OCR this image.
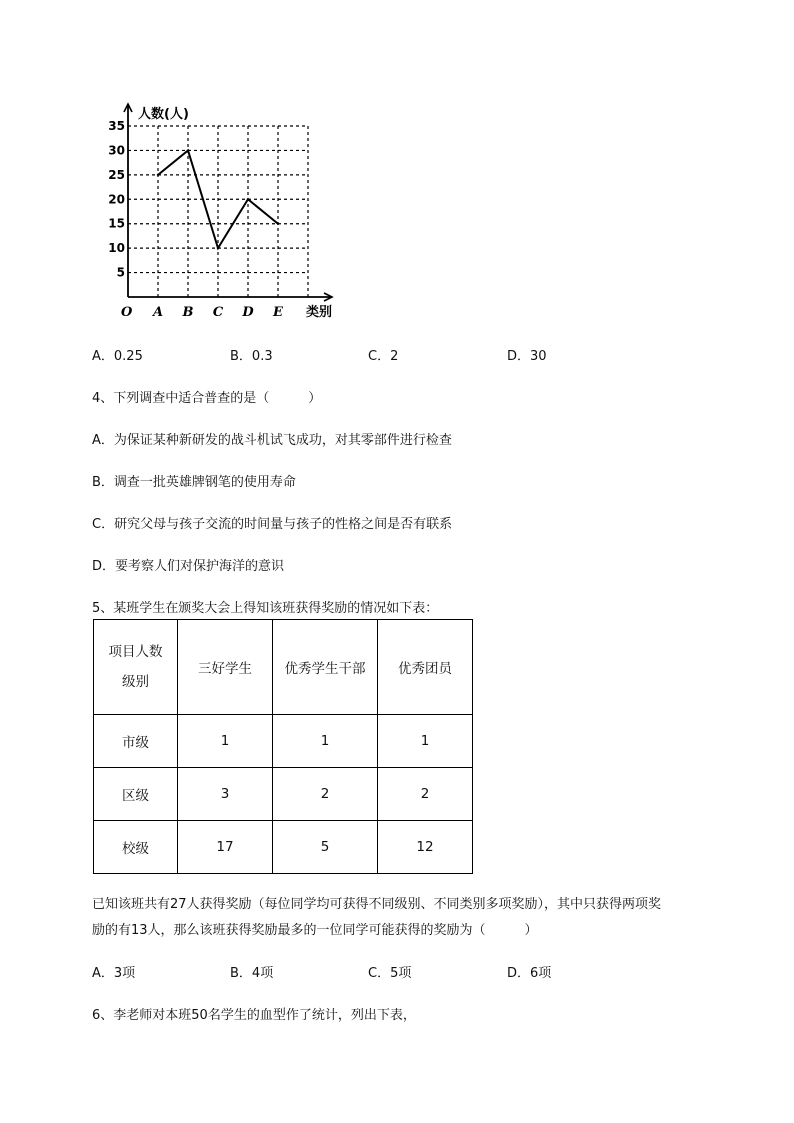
5
10
15
20
25
30
35
A B C D E
人数(人)
类别
O
A．0.25	B．0.3	C．2	D．30
4、下列调查中适合普查的是（　　　）
A．为保证某种新研发的战斗机试飞成功，对其零部件进行检查
B．调查一批英雄牌钢笔的使用寿命
C．研究父母与孩子交流的时间量与孩子的性格之间是否有联系
D．要考察人们对保护海洋的意识
5、某班学生在颁奖大会上得知该班获得奖励的情况如下表：
项目人数
级别	三好学生	优秀学生干部	优秀团员
市级	1	1	1
区级	3	2	2
校级	17	5	12
已知该班共有27人获得奖励（每位同学均可获得不同级别、不同类别多项奖励），其中只获得两项奖
励的有13人，那么该班获得奖励最多的一位同学可能获得的奖励为（　　　）
A．3项	B．4项	C．5项	D．6项
6、李老师对本班50名学生的血型作了统计，列出下表，
